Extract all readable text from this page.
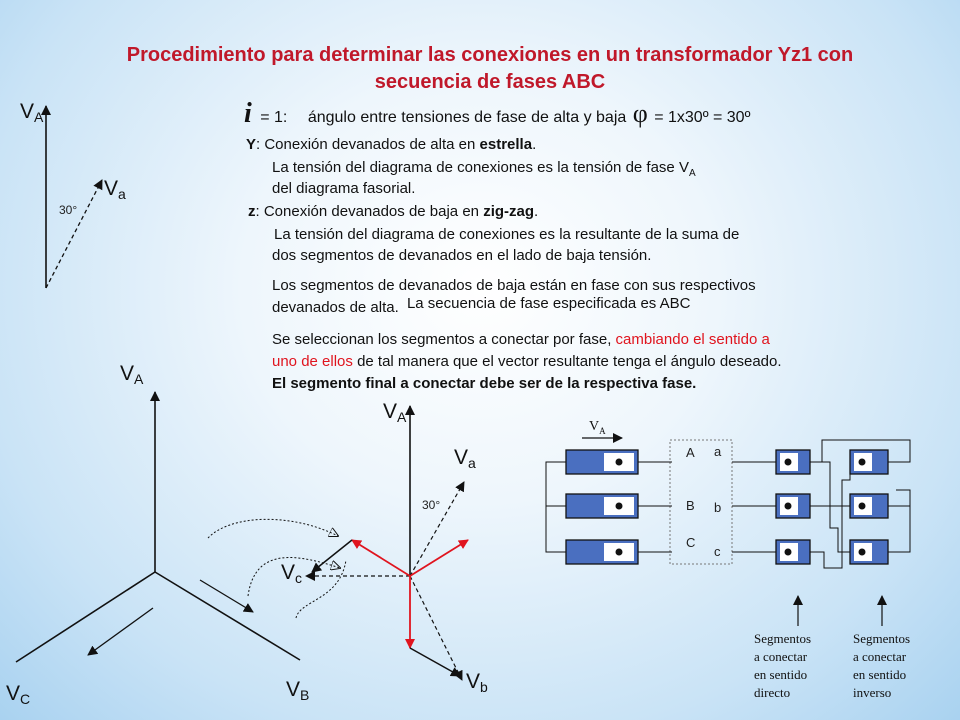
Procedimiento para determinar las conexiones en un transformador Yz1 con
secuencia de fases ABC
i = 1: ángulo entre tensiones de fase de alta y baja φ = 1x30º = 30º
Y: Conexión devanados de alta en estrella.
La tensión del diagrama de conexiones es la tensión de fase $V_A$
del diagrama fasorial.
z: Conexión devanados de baja en zig-zag.
La tensión del diagrama de conexiones es la resultante de la suma de
dos segmentos de devanados en el lado de baja tensión.
Los segmentos de devanados de baja están en fase con sus respectivos
devanados de alta. La secuencia de fase especificada es ABC
Se seleccionan los segmentos a conectar por fase, cambiando el sentido a
uno de ellos de tal manera que el vector resultante tenga el ángulo deseado.
El segmento final a conectar debe ser de la respectiva fase.
$V_A$
$V_a$
30°
$V_A$
$V_B$
$V_C$
$V_A$
$V_a$
$V_b$
$V_c$
30°
$V_A$
A
B
C
a
b
c
Segmentos
a conectar
en sentido
directo
Segmentos
a conectar
en sentido
inverso
